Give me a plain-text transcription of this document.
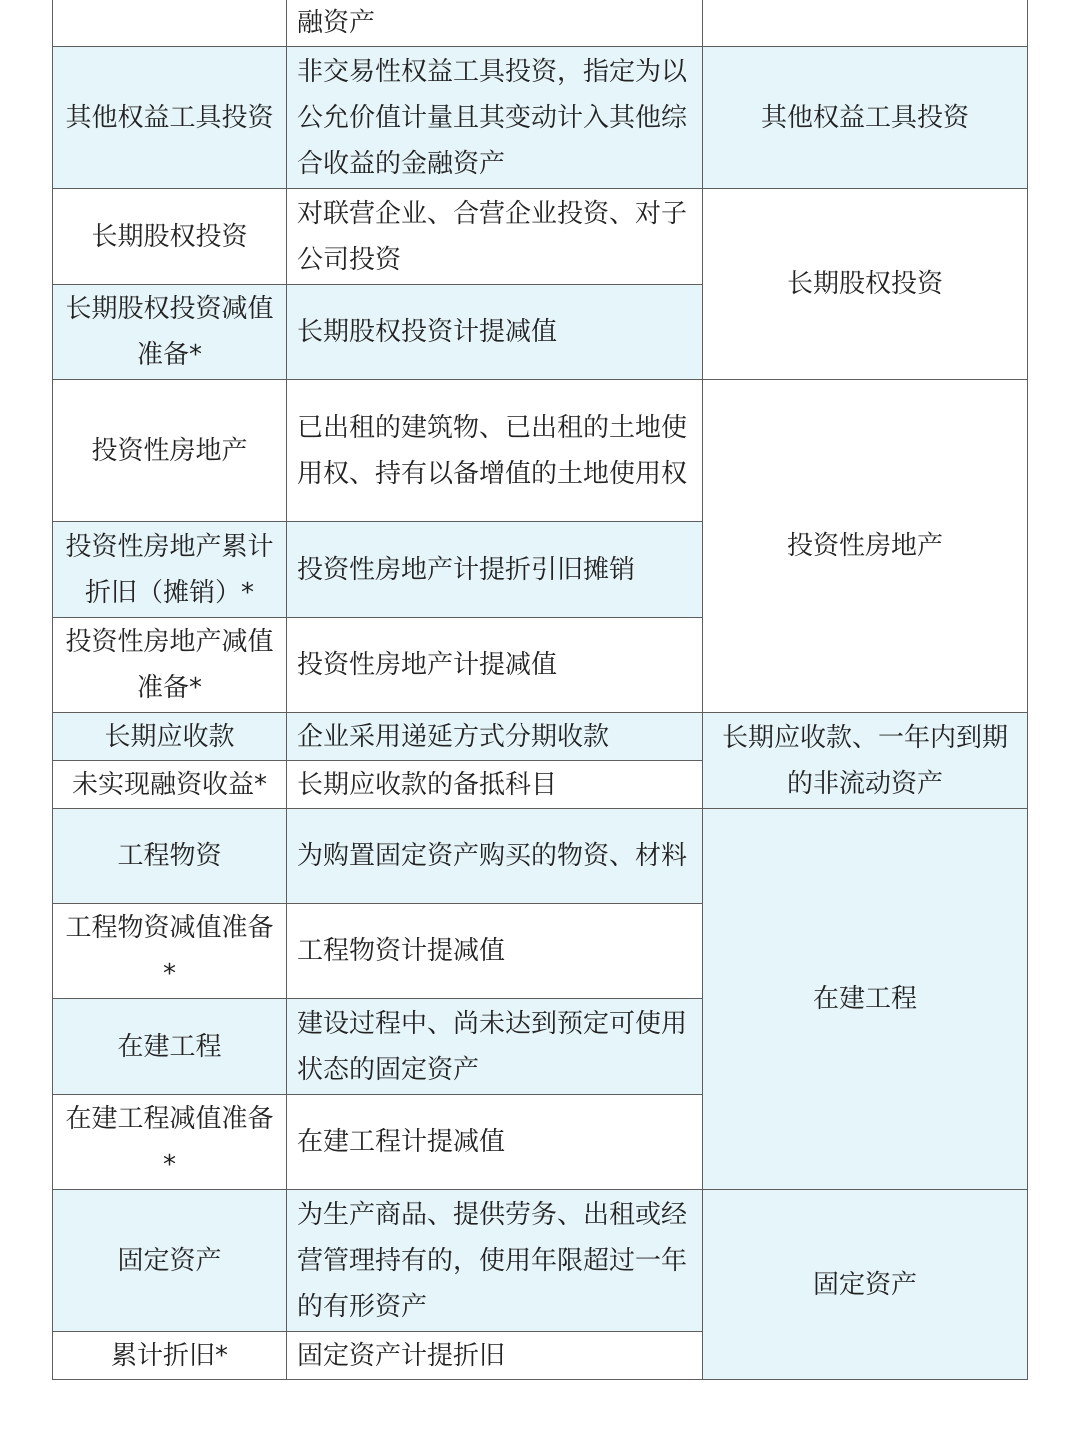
	融资产	
其他权益工具投资	非交易性权益工具投资，指定为以公允价值计量且其变动计入其他综合收益的金融资产	其他权益工具投资
长期股权投资	对联营企业、合营企业投资、对子公司投资	长期股权投资
长期股权投资减值准备*	长期股权投资计提减值	
投资性房地产	已出租的建筑物、已出租的土地使用权、持有以备增值的土地使用权	投资性房地产
投资性房地产累计折旧（摊销）*	投资性房地产计提折引旧摊销	
投资性房地产减值准备*	投资性房地产计提减值	
长期应收款	企业采用递延方式分期收款	长期应收款、一年内到期的非流动资产
未实现融资收益*	长期应收款的备抵科目	
工程物资	为购置固定资产购买的物资、材料	在建工程
工程物资减值准备*	工程物资计提减值	
在建工程	建设过程中、尚未达到预定可使用状态的固定资产	
在建工程减值准备*	在建工程计提减值	
固定资产	为生产商品、提供劳务、出租或经营管理持有的，使用年限超过一年的有形资产	固定资产
累计折旧*	固定资产计提折旧	
